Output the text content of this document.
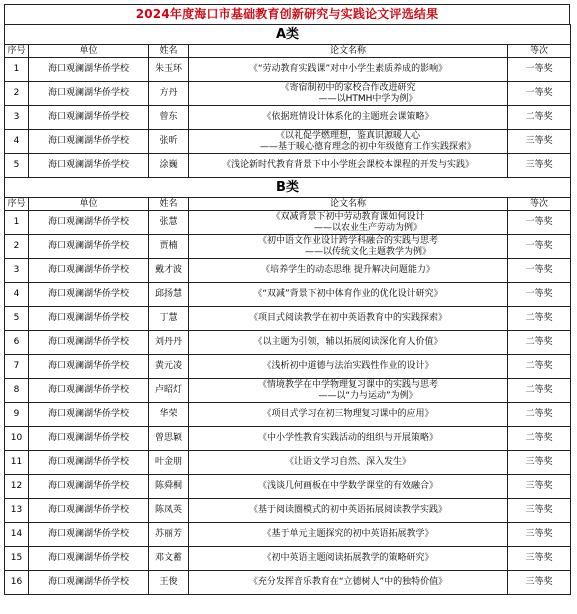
2024年度海口市基础教育创新研究与实践论文评选结果
A类				
序号	单位	姓名	论文名称	等次
1	海口观澜湖华侨学校	朱玉环	《“劳动教育实践课”对中小学生素质养成的影响》	一等奖
2	海口观澜湖华侨学校	方丹	《寄宿制初中的家校合作改进研究
——以HTMH中学为例》	一等奖
3	海口观澜湖华侨学校	曾东	《依据班情设计体系化的主题班会课策略》	二等奖
4	海口观澜湖华侨学校	张昕	《以礼促学燃理想，鉴真识源暖人心
——基于暖心德育理念的初中年级德育工作实践探索》	三等奖
5	海口观澜湖华侨学校	涂巍	《浅论新时代教育背景下中小学班会课校本课程的开发与实践》	三等奖
B类				
序号	单位	姓名	论文名称	等次
1	海口观澜湖华侨学校	张慧	《双减背景下初中劳动教育课如何设计
——以农业生产劳动为例》	一等奖
2	海口观澜湖华侨学校	贾楠	《初中语文作业设计跨学科融合的实践与思考
——以传统文化主题教学为例》	一等奖
3	海口观澜湖华侨学校	戴才波	《培养学生的动态思维 提升解决问题能力》	一等奖
4	海口观澜湖华侨学校	邱扬慧	《“双减”背景下初中体育作业的优化设计研究》	一等奖
5	海口观澜湖华侨学校	丁慧	《项目式阅读教学在初中英语教育中的实践探索》	二等奖
6	海口观澜湖华侨学校	刘丹丹	《以主题为引领，辅以拓展阅读深化育人价值》	二等奖
7	海口观澜湖华侨学校	黄元凌	《浅析初中道德与法治实践性作业的设计》	二等奖
8	海口观澜湖华侨学校	卢昭灯	《情境教学在中学物理复习课中的实践与思考
——以“力与运动”为例》	二等奖
9	海口观澜湖华侨学校	华荣	《项目式学习在初三物理复习课中的应用》	二等奖
10	海口观澜湖华侨学校	曾思颖	《中小学性教育实践活动的组织与开展策略》	二等奖
11	海口观澜湖华侨学校	叶金朋	《让语文学习自然、深入发生》	三等奖
12	海口观澜湖华侨学校	陈舜桐	《浅谈几何画板在中学数学课堂的有效融合》	三等奖
13	海口观澜湖华侨学校	陈凤英	《基于阅读圈模式的初中英语拓展阅读教学实践》	三等奖
14	海口观澜湖华侨学校	苏丽芳	《基于单元主题探究的初中英语拓展教学》	三等奖
15	海口观澜湖华侨学校	邓文蓄	《初中英语主题阅读拓展教学的策略研究》	三等奖
16	海口观澜湖华侨学校	王俊	《充分发挥音乐教育在“立德树人”中的独特价值》	三等奖
